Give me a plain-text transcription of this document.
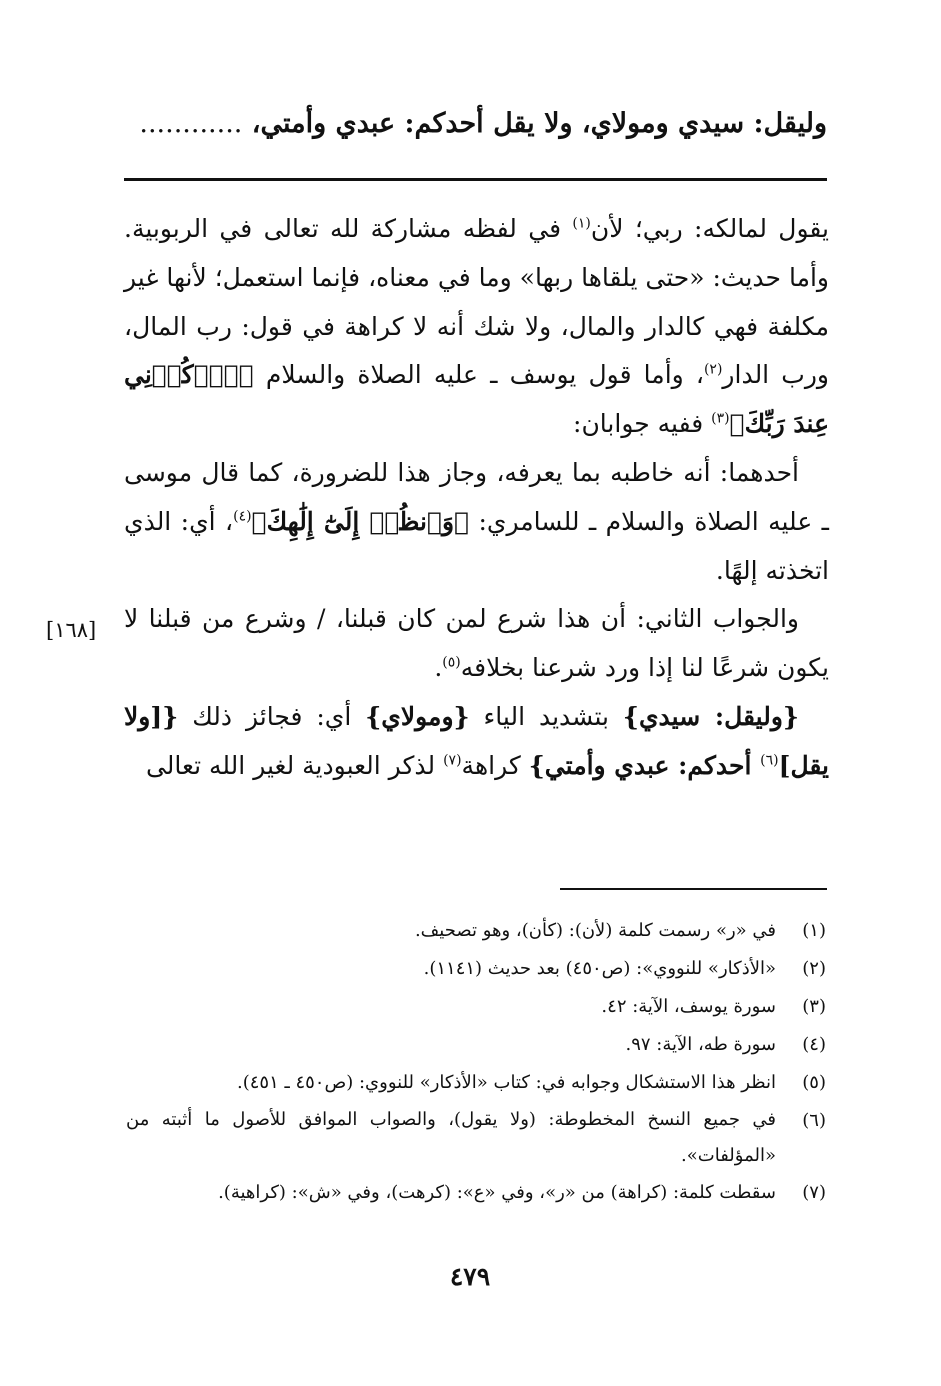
وليقل: سيدي ومولاي، ولا يقل أحدكم: عبدي وأمتي، ............

يقول لمالكه: ربي؛ لأن$^{(١)}$ في لفظه مشاركة لله تعالى في الربوبية. وأما حديث: «حتى يلقاها ربها» وما في معناه، فإنما استعمل؛ لأنها غير مكلفة فهي كالدار والمال، ولا شك أنه لا كراهة في قول: رب المال، ورب الدار$^{(٢)}$، وأما قول يوسف ـ عليه الصلاة والسلام ﴿ٱذۡكُرۡنِي عِندَ رَبِّكَ﴾$^{(٣)}$ ففيه جوابان:

أحدهما: أنه خاطبه بما يعرفه، وجاز هذا للضرورة، كما قال موسى ـ عليه الصلاة والسلام ـ للسامري: ﴿وَٱنظُرۡ إِلَىٰٓ إِلَٰهِكَ﴾$^{(٤)}$، أي: الذي اتخذته إلهًا.

والجواب الثاني: أن هذا شرع لمن كان قبلنا، / وشرع من قبلنا لا يكون شرعًا لنا إذا ورد شرعنا بخلافه$^{(٥)}$.

{وليقل: سيدي} بتشديد الياء {ومولاي} أي: فجائز ذلك {[ولا يقل]$^{(٦)}$ أحدكم: عبدي وأمتي} كراهة$^{(٧)}$ لذكر العبودية لغير الله تعالى

[١٦٨]
(١)
في «ر» رسمت كلمة (لأن): (كأن)، وهو تصحيف.
(٢)
«الأذكار» للنووي»: (ص٤٥٠) بعد حديث (١١٤١).
(٣)
سورة يوسف، الآية: ٤٢.
(٤)
سورة طه، الآية: ٩٧.
(٥)
انظر هذا الاستشكال وجوابه في: كتاب «الأذكار» للنووي: (ص٤٥٠ ـ ٤٥١).
(٦)
في جميع النسخ المخطوطة: (ولا يقول)، والصواب الموافق للأصول ما أثبته من «المؤلفات».
(٧)
سقطت كلمة: (كراهة) من «ر»، وفي «ع»: (كرهت)، وفي «ش»: (كراهية).
٤٧٩
